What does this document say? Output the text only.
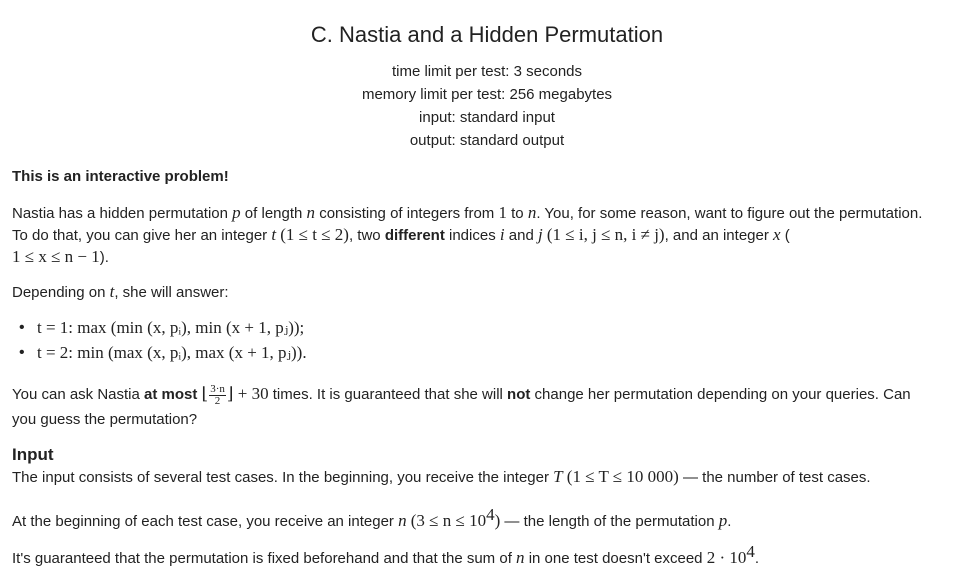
C. Nastia and a Hidden Permutation
time limit per test: 3 seconds
memory limit per test: 256 megabytes
input: standard input
output: standard output
This is an interactive problem!
Nastia has a hidden permutation p of length n consisting of integers from 1 to n. You, for some reason, want to figure out the permutation.
To do that, you can give her an integer t (1 ≤ t ≤ 2), two different indices i and j (1 ≤ i, j ≤ n, i ≠ j), and an integer x (
1 ≤ x ≤ n − 1).
Depending on t, she will answer:
• t = 1: max (min (x, pᵢ), min (x + 1, pⱼ));
• t = 2: min (max (x, pᵢ), max (x + 1, pⱼ)).
You can ask Nastia at most ⌊ $\frac{3\cdot n}{2}$ ⌋ + 30 times. It is guaranteed that she will not change her permutation depending on your queries. Can
you guess the permutation?
Input
The input consists of several test cases. In the beginning, you receive the integer T (1 ≤ T ≤ 10 000) — the number of test cases.
At the beginning of each test case, you receive an integer n $(3 \le n \le 10^4)$ — the length of the permutation p.
It's guaranteed that the permutation is fixed beforehand and that the sum of n in one test doesn't exceed $2 \cdot 10^4$.
